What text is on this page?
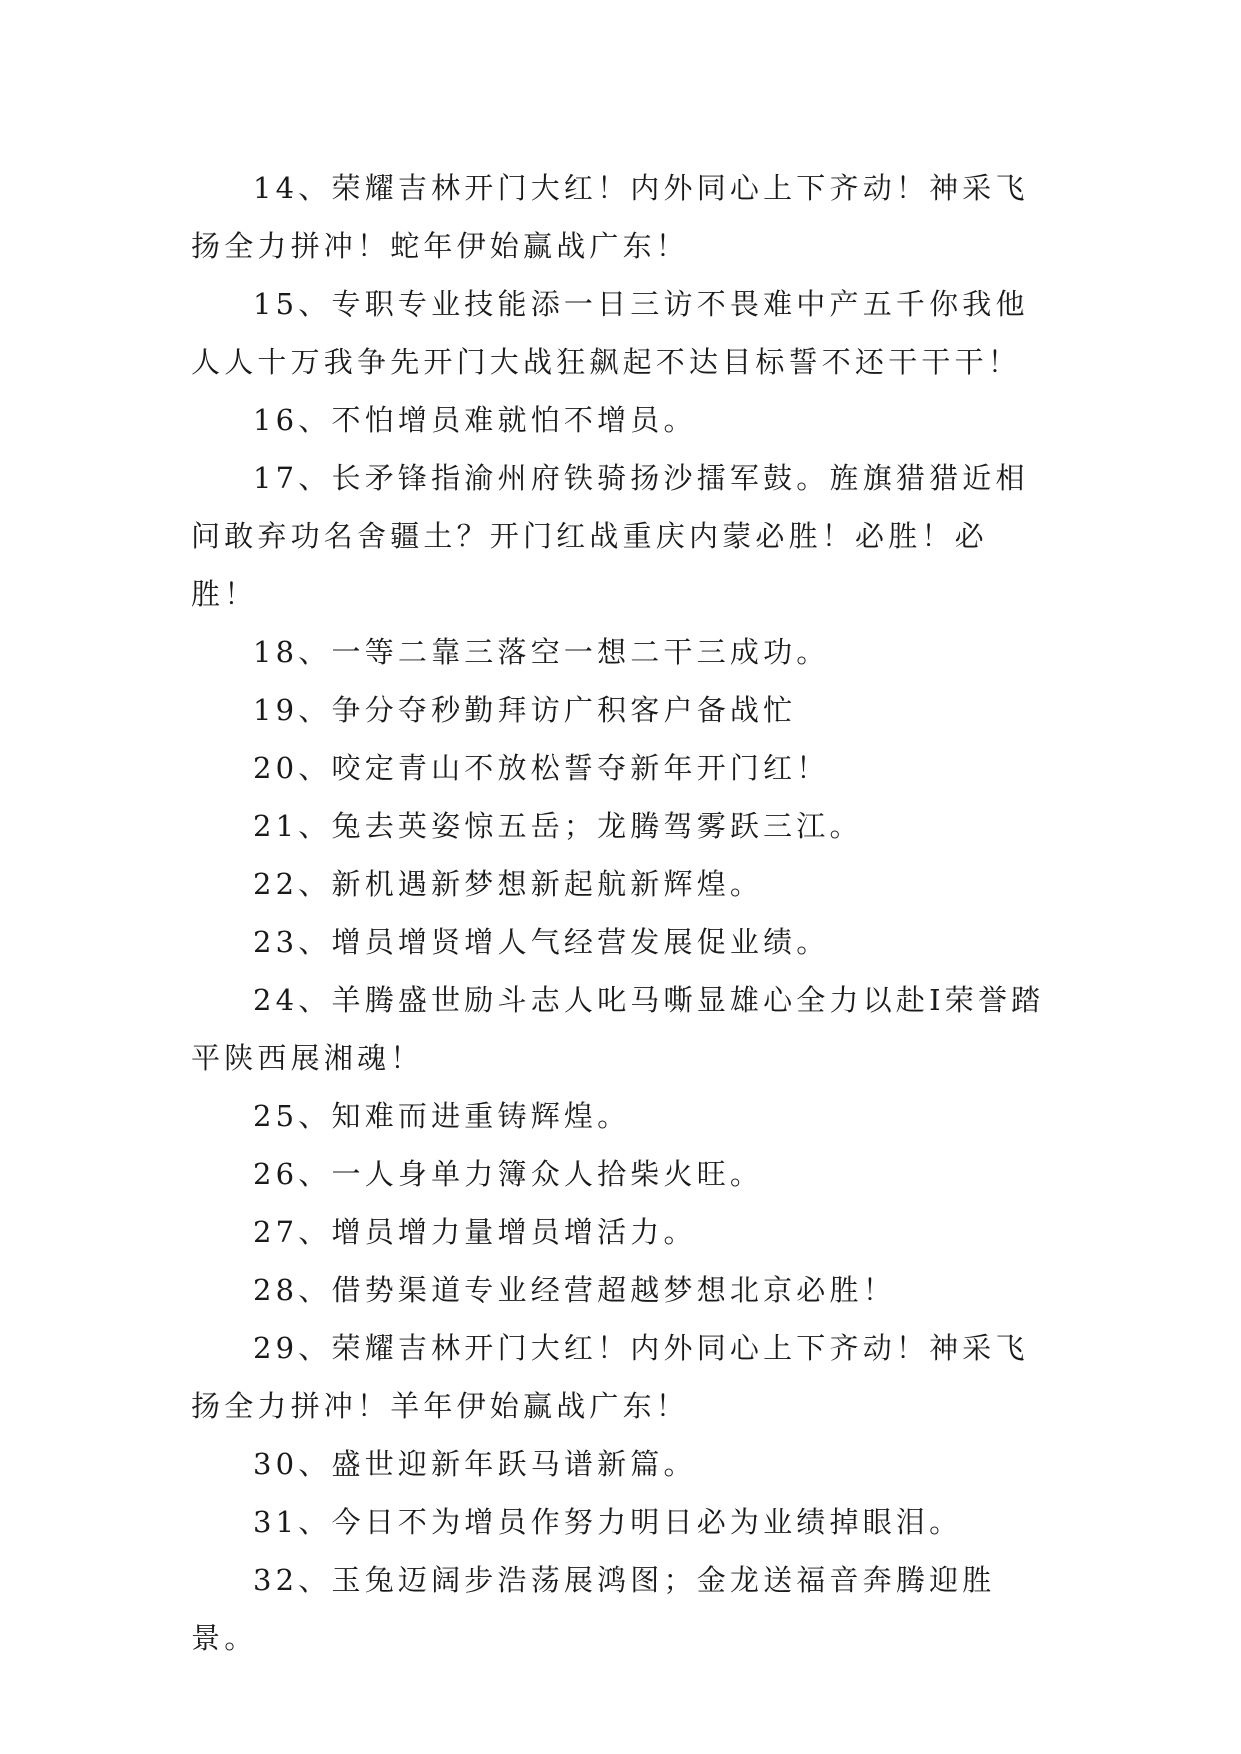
14、荣耀吉林开门大红！内外同心上下齐动！神采飞扬全力拼冲！蛇年伊始赢战广东！

15、专职专业技能添一日三访不畏难中产五千你我他人人十万我争先开门大战狂飙起不达目标誓不还干干干！

16、不怕增员难就怕不增员。

17、长矛锋指渝州府铁骑扬沙擂军鼓。旌旗猎猎近相问敢弃功名舍疆土？开门红战重庆内蒙必胜！必胜！必胜！

18、一等二靠三落空一想二干三成功。

19、争分夺秒勤拜访广积客户备战忙

20、咬定青山不放松誓夺新年开门红！

21、兔去英姿惊五岳；龙腾驾雾跃三江。

22、新机遇新梦想新起航新辉煌。

23、增员增贤增人气经营发展促业绩。

24、羊腾盛世励斗志人叱马嘶显雄心全力以赴I荣誉踏平陕西展湘魂！

25、知难而进重铸辉煌。

26、一人身单力簿众人拾柴火旺。

27、增员增力量增员增活力。

28、借势渠道专业经营超越梦想北京必胜！

29、荣耀吉林开门大红！内外同心上下齐动！神采飞扬全力拼冲！羊年伊始赢战广东！

30、盛世迎新年跃马谱新篇。

31、今日不为增员作努力明日必为业绩掉眼泪。

32、玉兔迈阔步浩荡展鸿图；金龙送福音奔腾迎胜景。
